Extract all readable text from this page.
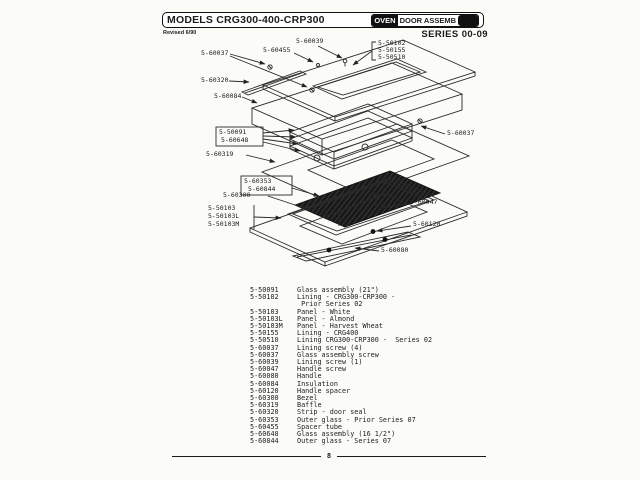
MODELS CRG300-400-CRP300	OVEN DOOR ASSEMB
Revised 6/90	SERIES 00-09
5-60039
5-60455
5-60037
5-50102
5-50155
5-50510
5-60320
5-60084
5-50091
5-60648
5-60037
5-60319
5-60353
5-60844
5-60300
5-50103
5-50103L
5-50103M
5-60047
5-60120
5-60080
5-50091	Glass assembly (21")
5-50102	Lining - CRG300-CRP300 -
Prior Series 02
5-50103	Panel - White
5-50103L	Panel - Almond
5-50103M	Panel - Harvest Wheat
5-50155	Lining - CRG400
5-50510	Lining CRG300-CRP300 -  Series 02
5-60037	Lining screw (4)
5-60037	Glass assembly screw
5-60039	Lining screw (1)
5-60047	Handle screw
5-60080	Handle
5-60084	Insulation
5-60120	Handle spacer
5-60300	Bezel
5-60319	Baffle
5-60320	Strip - door seal
5-60353	Outer glass - Prior Series 07
5-60455	Spacer tube
5-60648	Glass assembly (16 1/2")
5-60844	Outer glass - Series 07
8
